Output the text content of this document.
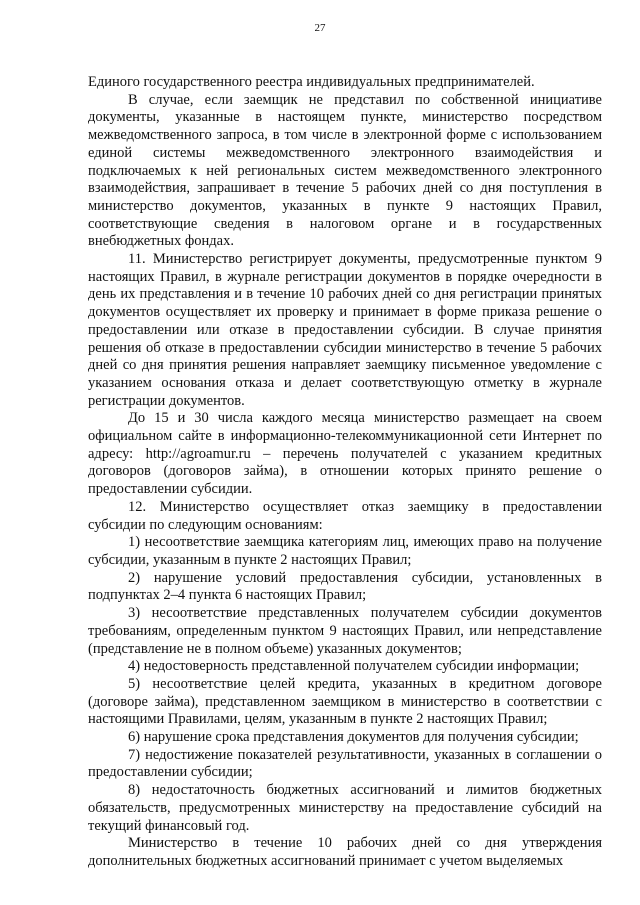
27

Единого государственного реестра индивидуальных предпринимателей.

В случае, если заемщик не представил по собственной инициативе документы, указанные в настоящем пункте, министерство посредством межведомственного запроса, в том числе в электронной форме с использованием единой системы межведомственного электронного взаимодействия и подключаемых к ней региональных систем межведомственного электронного взаимодействия, запрашивает в течение 5 рабочих дней со дня поступления в министерство документов, указанных в пункте 9 настоящих Правил, соответствующие сведения в налоговом органе и в государственных внебюджетных фондах.

11. Министерство регистрирует документы, предусмотренные пунктом 9 настоящих Правил, в журнале регистрации документов в порядке очередности в день их представления и в течение 10 рабочих дней со дня регистрации принятых документов осуществляет их проверку и принимает в форме приказа решение о предоставлении или отказе в предоставлении субсидии. В случае принятия решения об отказе в предоставлении субсидии министерство в течение 5 рабочих дней со дня принятия решения направляет заемщику письменное уведомление с указанием основания отказа и делает соответствующую отметку в журнале регистрации документов.

До 15 и 30 числа каждого месяца министерство размещает на своем официальном сайте в информационно-телекоммуникационной сети Интернет по адресу: http://agroamur.ru – перечень получателей с указанием кредитных договоров (договоров займа), в отношении которых принято решение о предоставлении субсидии.

12. Министерство осуществляет отказ заемщику в предоставлении субсидии по следующим основаниям:

1) несоответствие заемщика категориям лиц, имеющих право на получение субсидии, указанным в пункте 2 настоящих Правил;

2) нарушение условий предоставления субсидии, установленных в подпунктах 2–4 пункта 6 настоящих Правил;

3) несоответствие представленных получателем субсидии документов требованиям, определенным пунктом 9 настоящих Правил, или непредставление (представление не в полном объеме) указанных документов;

4) недостоверность представленной получателем субсидии информации;

5) несоответствие целей кредита, указанных в кредитном договоре (договоре займа), представленном заемщиком в министерство в соответствии с настоящими Правилами, целям, указанным в пункте 2 настоящих Правил;

6) нарушение срока представления документов для получения субсидии;

7) недостижение показателей результативности, указанных в соглашении о предоставлении субсидии;

8) недостаточность бюджетных ассигнований и лимитов бюджетных обязательств, предусмотренных министерству на предоставление субсидий на текущий финансовый год.

Министерство в течение 10 рабочих дней со дня утверждения дополнительных бюджетных ассигнований принимает с учетом выделяемых
